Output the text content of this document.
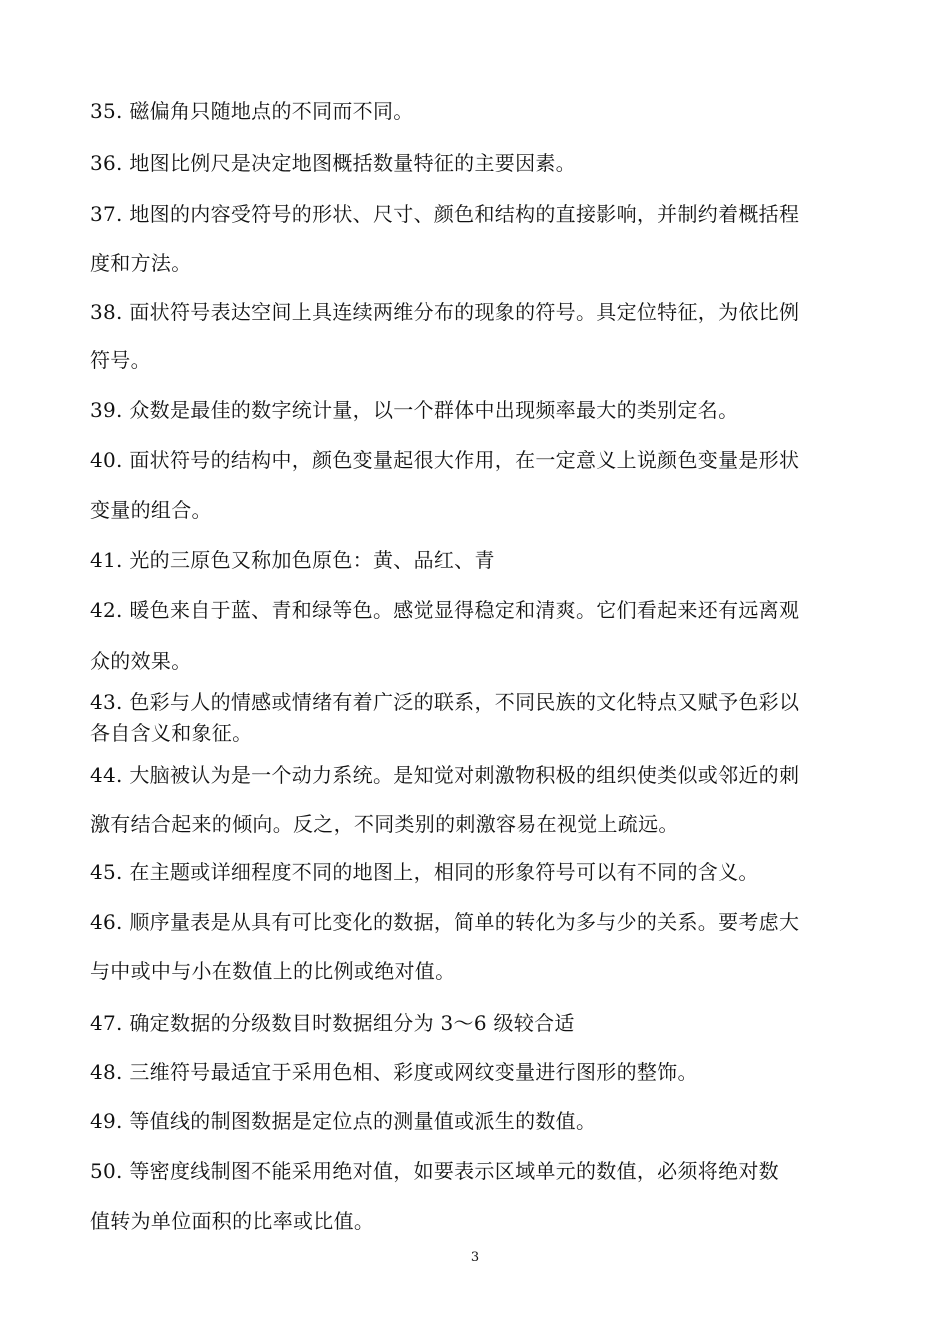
35. 磁偏角只随地点的不同而不同。
36. 地图比例尺是决定地图概括数量特征的主要因素。
37. 地图的内容受符号的形状、尺寸、颜色和结构的直接影响，并制约着概括程
度和方法。
38. 面状符号表达空间上具连续两维分布的现象的符号。具定位特征，为依比例
符号。
39. 众数是最佳的数字统计量，以一个群体中出现频率最大的类别定名。
40. 面状符号的结构中，颜色变量起很大作用，在一定意义上说颜色变量是形状
变量的组合。
41. 光的三原色又称加色原色：黄、品红、青
42. 暖色来自于蓝、青和绿等色。感觉显得稳定和清爽。它们看起来还有远离观
众的效果。
43. 色彩与人的情感或情绪有着广泛的联系，不同民族的文化特点又赋予色彩以
各自含义和象征。
44. 大脑被认为是一个动力系统。是知觉对刺激物积极的组织使类似或邻近的刺
激有结合起来的倾向。反之，不同类别的刺激容易在视觉上疏远。
45. 在主题或详细程度不同的地图上，相同的形象符号可以有不同的含义。
46. 顺序量表是从具有可比变化的数据，简单的转化为多与少的关系。要考虑大
与中或中与小在数值上的比例或绝对值。
47. 确定数据的分级数目时数据组分为 3～6 级较合适
48. 三维符号最适宜于采用色相、彩度或网纹变量进行图形的整饰。
49. 等值线的制图数据是定位点的测量值或派生的数值。
50. 等密度线制图不能采用绝对值，如要表示区域单元的数值，必须将绝对数
值转为单位面积的比率或比值。
3
